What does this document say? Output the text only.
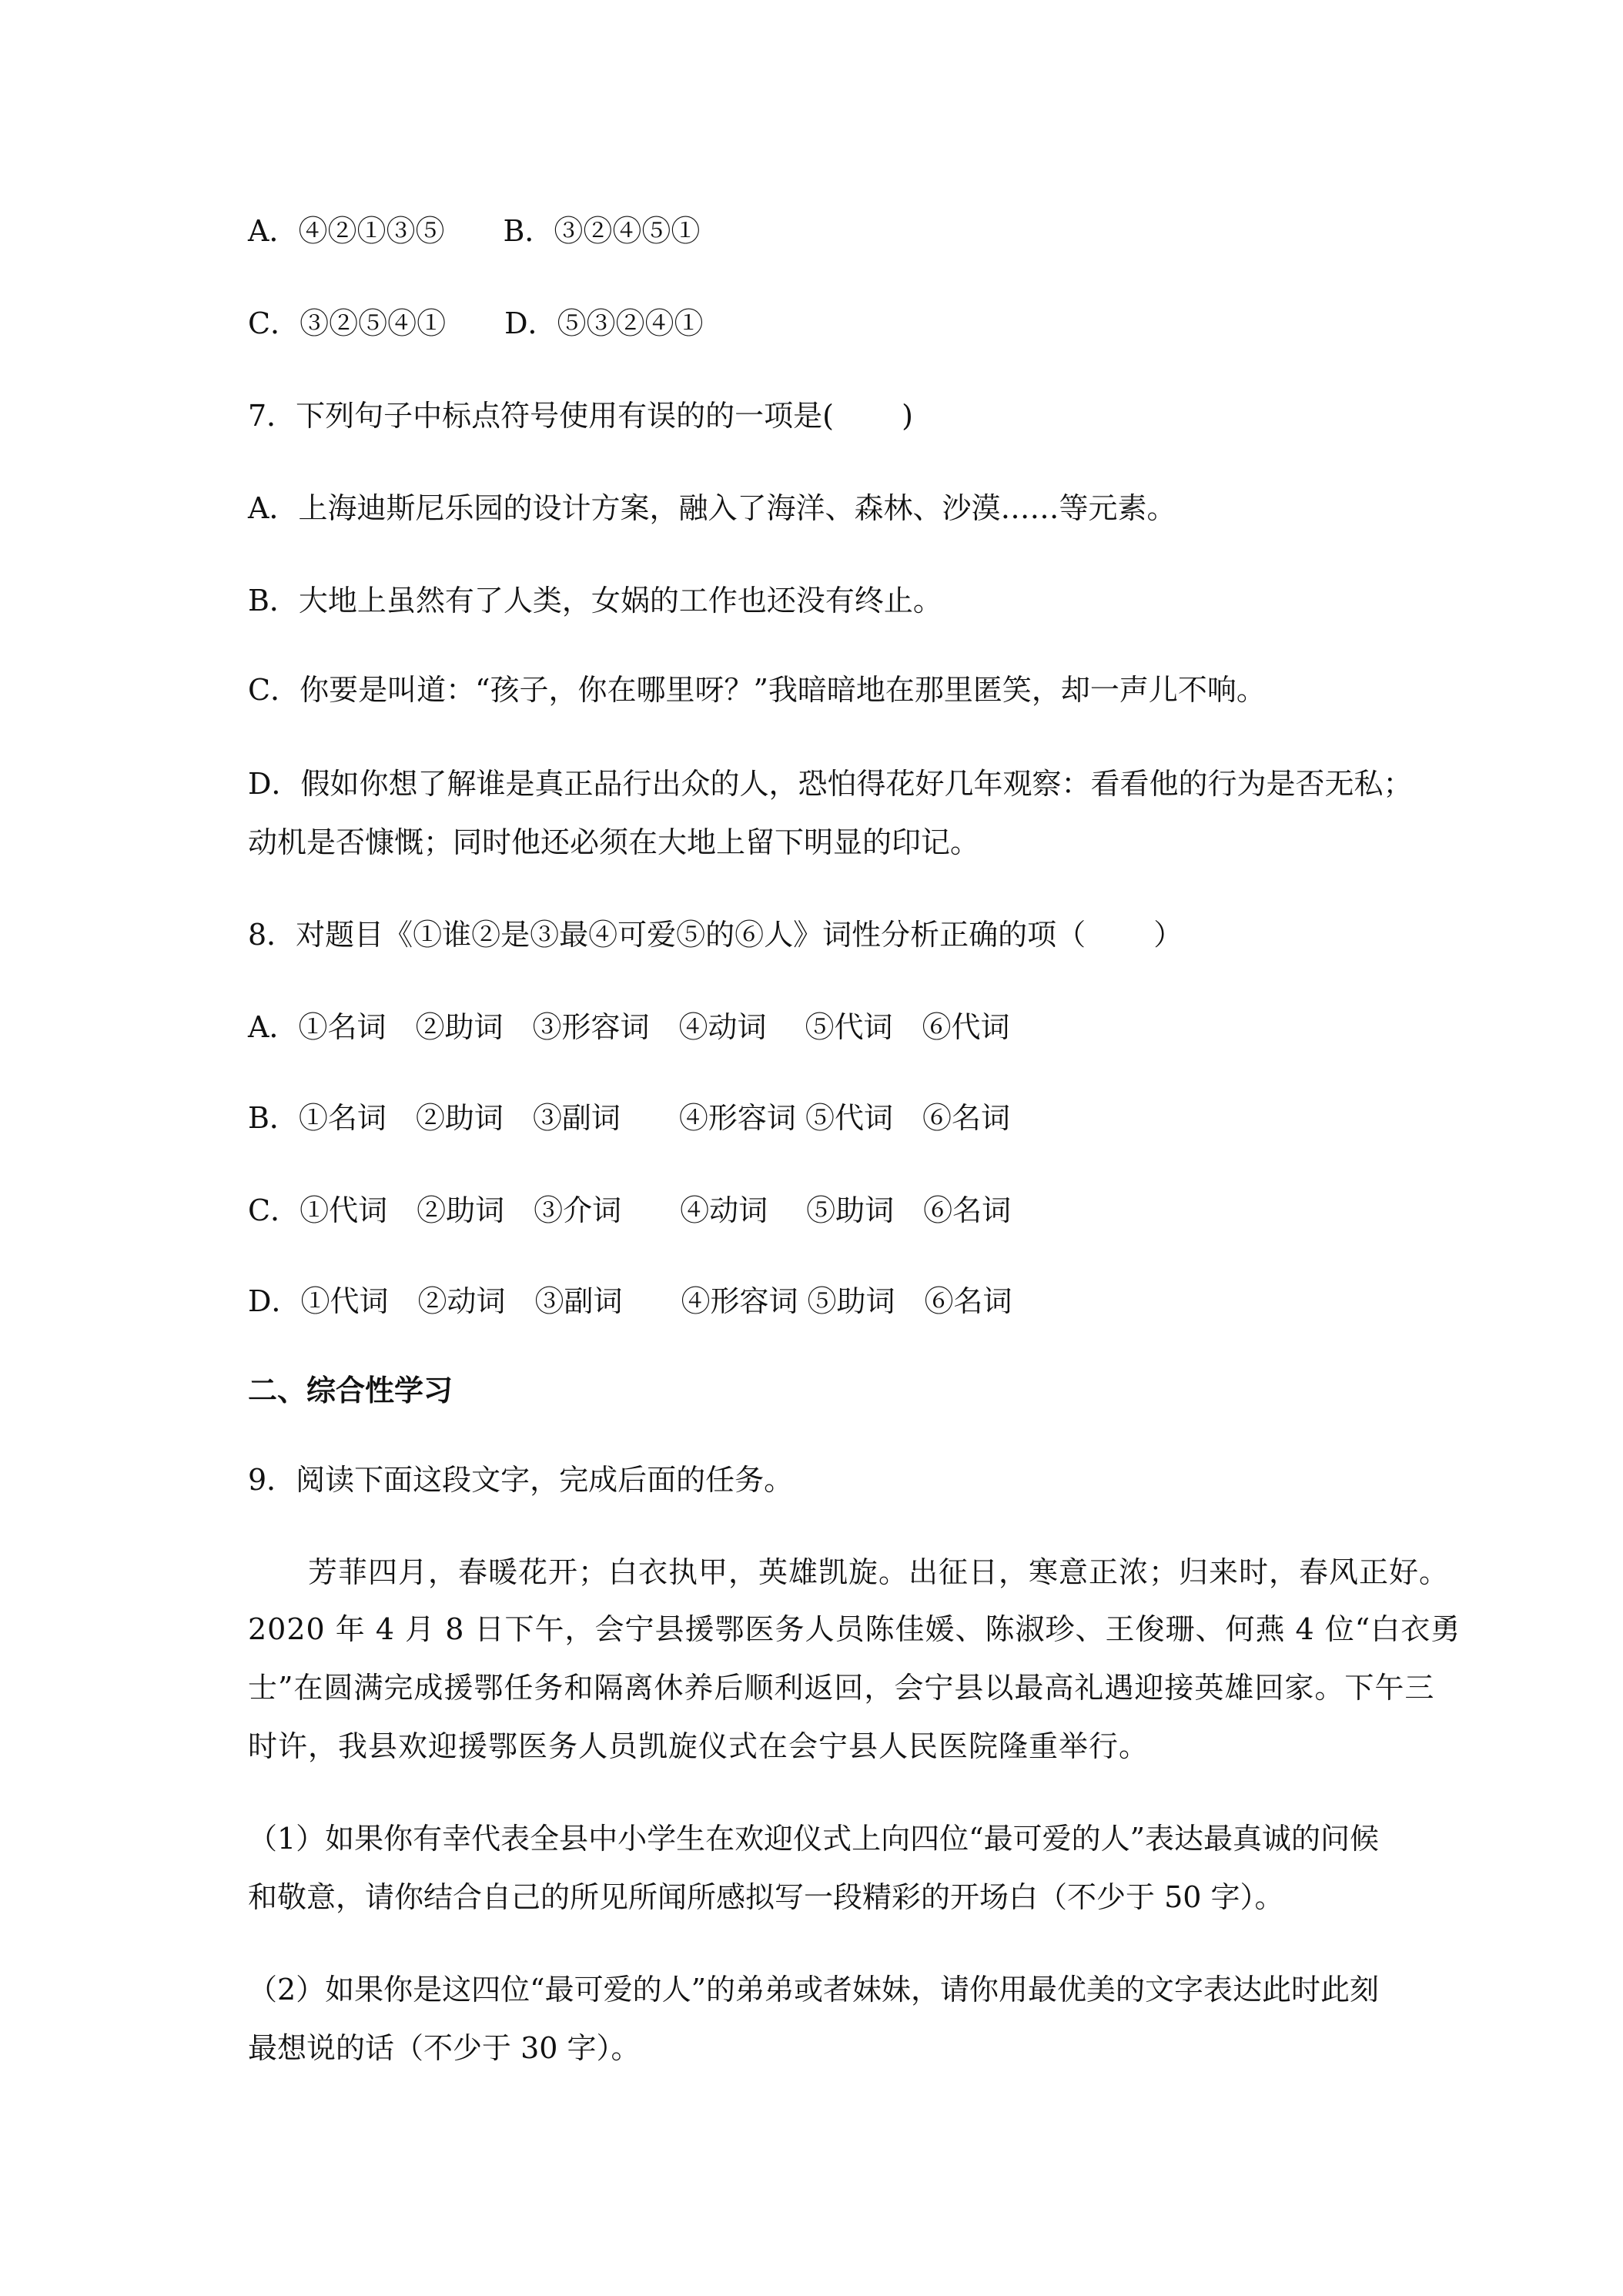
A．④②①③⑤　　B．③②④⑤①

C．③②⑤④①　　D．⑤③②④①

7．下列句子中标点符号使用有误的的一项是(　　 )

A．上海迪斯尼乐园的设计方案，融入了海洋、森林、沙漠……等元素。

B．大地上虽然有了人类，女娲的工作也还没有终止。

C．你要是叫道：“孩子，你在哪里呀？”我暗暗地在那里匿笑，却一声儿不响。

D．假如你想了解谁是真正品行出众的人，恐怕得花好几年观察：看看他的行为是否无私；

动机是否慷慨；同时他还必须在大地上留下明显的印记。

8．对题目《①谁②是③最④可爱⑤的⑥人》词性分析正确的项（　　 ）

A．①名词　②助词　③形容词　④动词　 ⑤代词　⑥代词

B．①名词　②助词　③副词　　④形容词 ⑤代词　⑥名词

C．①代词　②助词　③介词　　④动词　 ⑤助词　⑥名词

D．①代词　②动词　③副词　　④形容词 ⑤助词　⑥名词

二、综合性学习

9．阅读下面这段文字，完成后面的任务。

　　芳菲四月，春暖花开；白衣执甲，英雄凯旋。出征日，寒意正浓；归来时，春风正好。

2020 年 4 月 8 日下午，会宁县援鄂医务人员陈佳媛、陈淑珍、王俊珊、何燕 4 位“白衣勇

士”在圆满完成援鄂任务和隔离休养后顺利返回，会宁县以最高礼遇迎接英雄回家。下午三

时许，我县欢迎援鄂医务人员凯旋仪式在会宁县人民医院隆重举行。

（1）如果你有幸代表全县中小学生在欢迎仪式上向四位“最可爱的人”表达最真诚的问候

和敬意，请你结合自己的所见所闻所感拟写一段精彩的开场白（不少于 50 字）。

（2）如果你是这四位“最可爱的人”的弟弟或者妹妹，请你用最优美的文字表达此时此刻

最想说的话（不少于 30 字）。
